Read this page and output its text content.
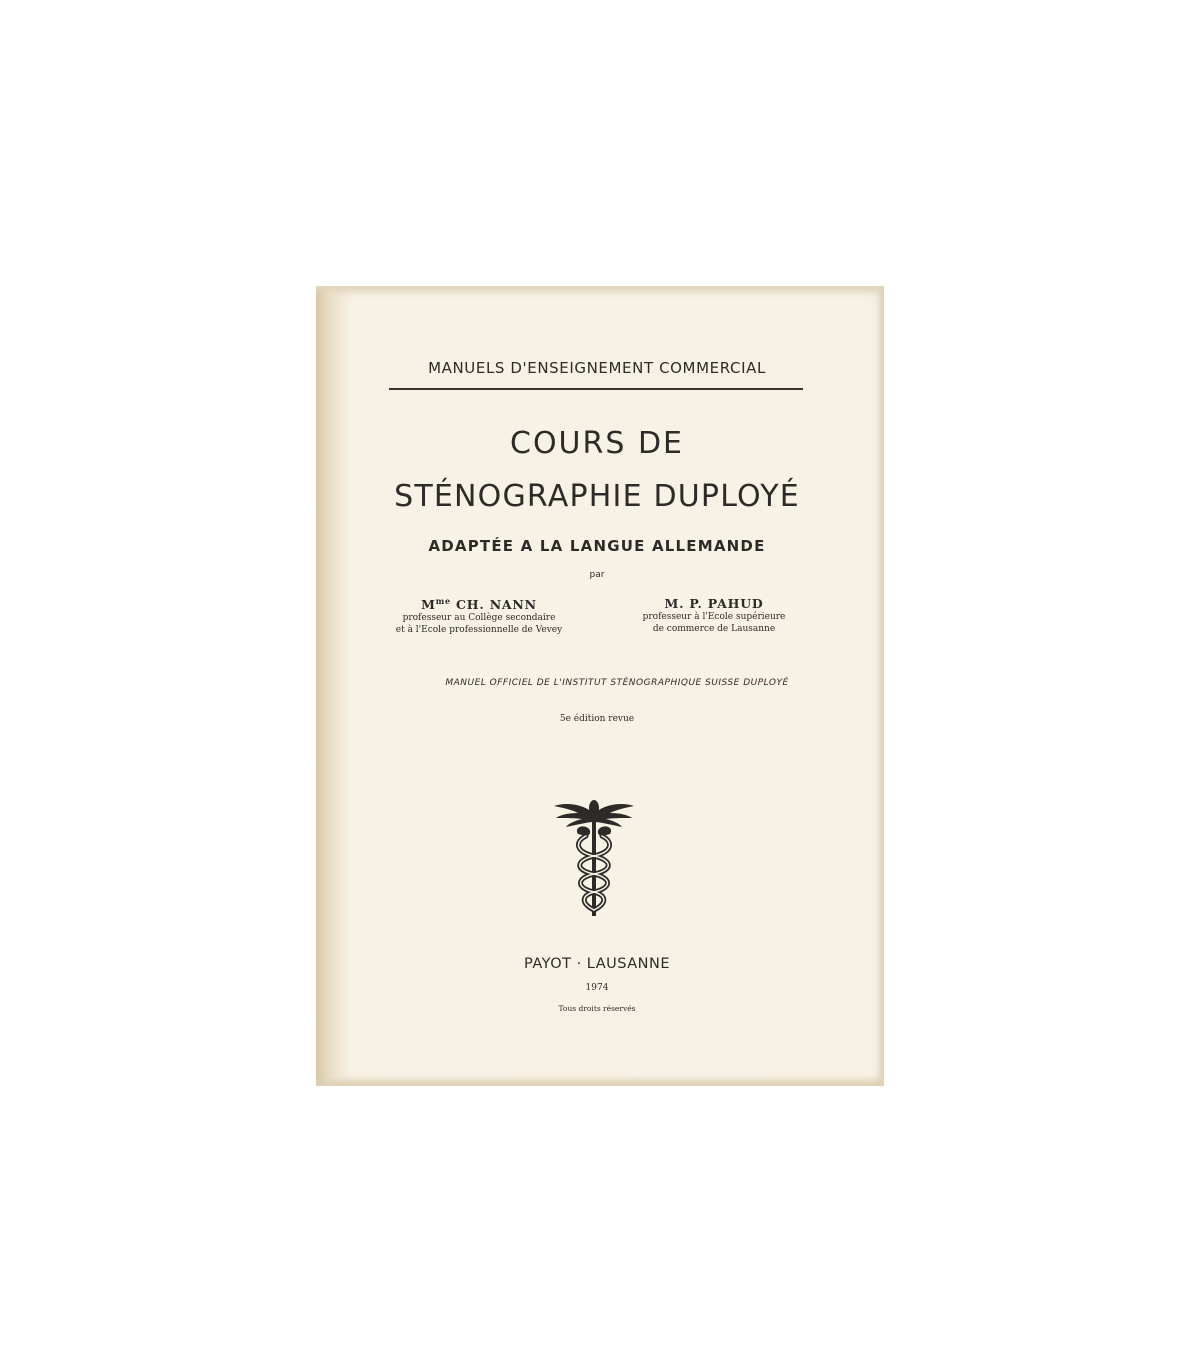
MANUELS D'ENSEIGNEMENT COMMERCIAL

COURS DE

STÉNOGRAPHIE DUPLOYÉ

ADAPTÉE A LA LANGUE ALLEMANDE

par

$M^{me}$ CH. NANN
professeur au Collège secondaire
et à l'Ecole professionnelle de Vevey
M. P. PAHUD
professeur à l'Ecole supérieure
de commerce de Lausanne

MANUEL OFFICIEL DE L'INSTITUT STÉNOGRAPHIQUE SUISSE DUPLOYÉ

5e édition revue

PAYOT · LAUSANNE

1974

Tous droits réservés
